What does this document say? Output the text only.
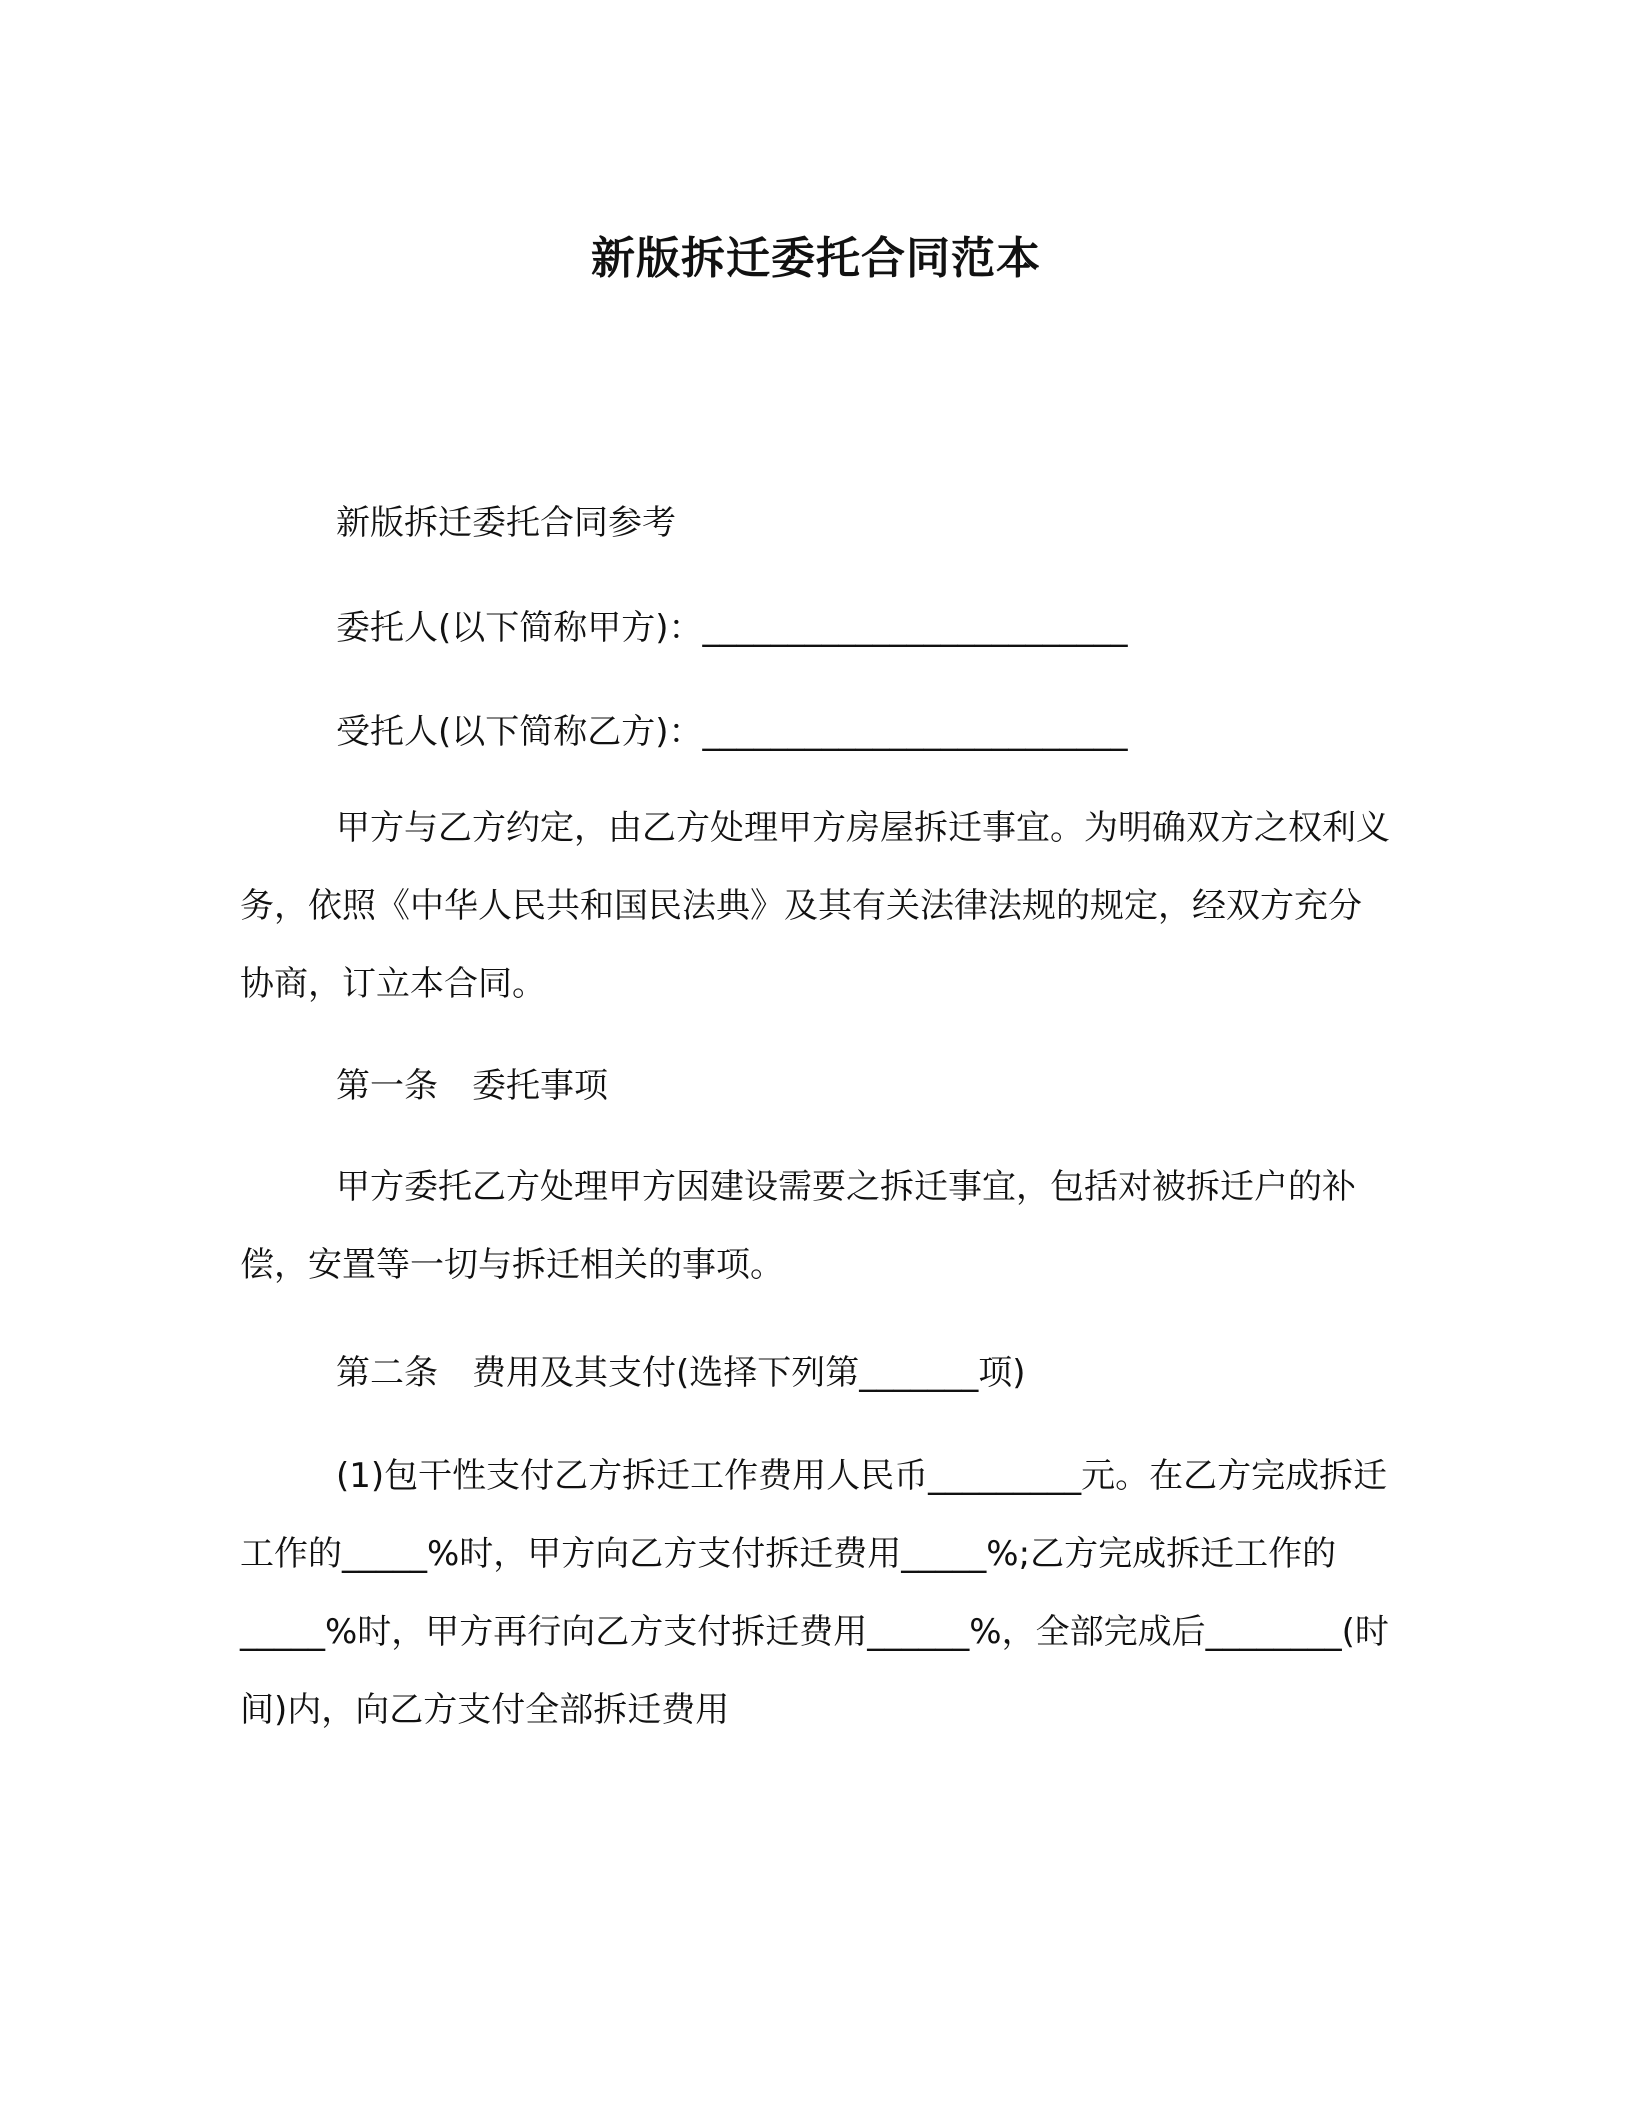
新版拆迁委托合同范本
新版拆迁委托合同参考
委托人(以下简称甲方)：_________________________
受托人(以下简称乙方)：_________________________
甲方与乙方约定，由乙方处理甲方房屋拆迁事宜。为明确双方之权利义务，依照《中华人民共和国民法典》及其有关法律法规的规定，经双方充分协商，订立本合同。
第一条　委托事项
甲方委托乙方处理甲方因建设需要之拆迁事宜，包括对被拆迁户的补偿，安置等一切与拆迁相关的事项。
第二条　费用及其支付(选择下列第_______项)
(1)包干性支付乙方拆迁工作费用人民币_________元。在乙方完成拆迁工作的_____%时，甲方向乙方支付拆迁费用_____%;乙方完成拆迁工作的_____%时，甲方再行向乙方支付拆迁费用______%，全部完成后________(时间)内，向乙方支付全部拆迁费用
